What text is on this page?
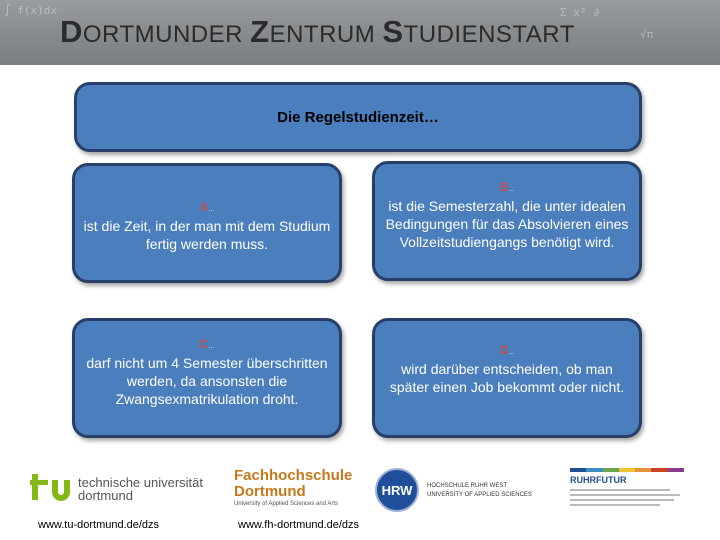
∫ f(x)dx	Σ x² ∂
√π
DORTMUNDER ZENTRUM STUDIENSTART
Die Regelstudienzeit…
A…
ist die Zeit, in der man mit dem Studium fertig werden muss.
B…
ist die Semesterzahl, die unter idealen Bedingungen für das Absolvieren eines Vollzeitstudiengangs benötigt wird.
C…
darf nicht um 4 Semester überschritten werden, da ansonsten die Zwangsexmatrikulation droht.
D…
wird darüber entscheiden, ob man später einen Job bekommt oder nicht.
technische universität
dortmund
www.tu-dortmund.de/dzs
Fachhochschule
Dortmund
University of Applied Sciences and Arts
www.fh-dortmund.de/dzs
HRW	HOCHSCHULE RUHR WEST
UNIVERSITY OF APPLIED SCIENCES
RUHRFUTUR
